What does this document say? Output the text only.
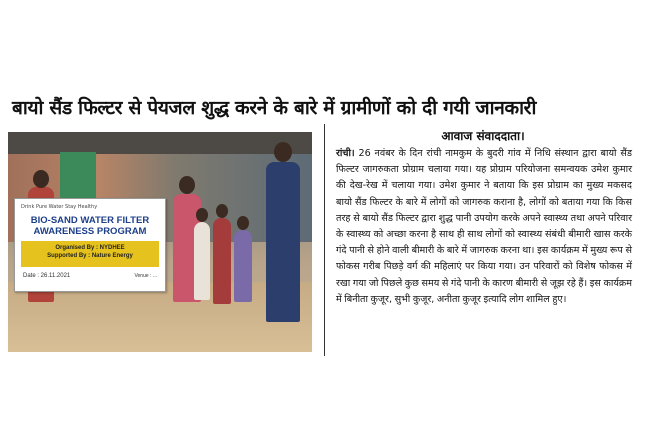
बायो सैंड फिल्टर से पेयजल शुद्ध करने के बारे में ग्रामीणों को दी गयी जानकारी
Drink Pure Water Stay Healthy
BIO-SAND WATER FILTER AWARENESS PROGRAM
Organised By : NYDHEE
Supported By : Nature Energy
Date : 26.11.2021	Venue : ...
आवाज संवाददाता।
रांची। 26 नवंबर के दिन रांची नामकुम के बुदरी गांव में निधि संस्थान द्वारा बायो सैंड फिल्टर जागरुकता प्रोग्राम चलाया गया। यह प्रोग्राम परियोजना समन्वयक उमेश कुमार की देख-रेख में चलाया गया। उमेश कुमार ने बताया कि इस प्रोग्राम का मुख्य मकसद बायो सैंड फिल्टर के बारे में लोगों को जागरुक कराना है, लोगों को बताया गया कि किस तरह से बायो सैंड फिल्टर द्वारा शुद्ध पानी उपयोग करके अपने स्वास्थ्य तथा अपने परिवार के स्वास्थ्य को अच्छा करना है साथ ही साथ लोगों को स्वास्थ्य संबंधी बीमारी खास करके गंदे पानी से होने वाली बीमारी के बारे में जागरुक करना था। इस कार्यक्रम में मुख्य रूप से फोकस गरीब पिछड़े वर्ग की महिलाएं पर किया गया। उन परिवारों को विशेष फोकस में रखा गया जो पिछले कुछ समय से गंदे पानी के कारण बीमारी से जूझ रहे हैं। इस कार्यक्रम में बिनीता कुजूर, सुभी कुजूर, अनीता कुजूर इत्यादि लोग शामिल हुए।
